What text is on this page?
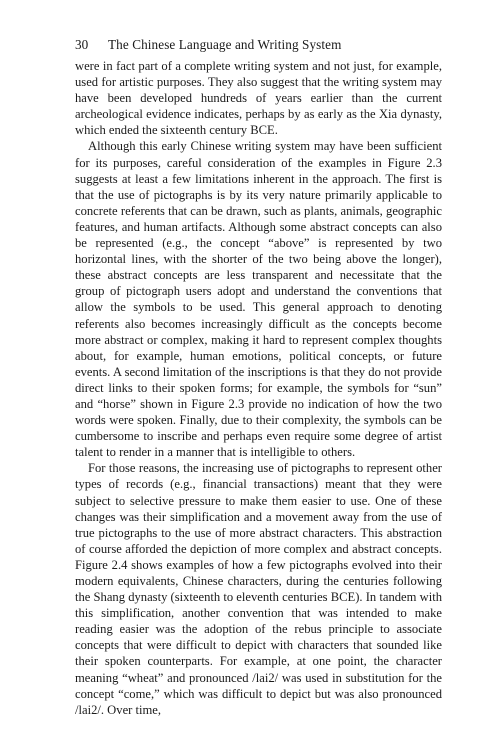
30	The Chinese Language and Writing System

were in fact part of a complete writing system and not just, for example, used for artistic purposes. They also suggest that the writing system may have been developed hundreds of years earlier than the current archeological evidence indicates, perhaps by as early as the Xia dynasty, which ended the sixteenth century BCE.

Although this early Chinese writing system may have been sufficient for its purposes, careful consideration of the examples in Figure 2.3 suggests at least a few limitations inherent in the approach. The first is that the use of pictographs is by its very nature primarily applicable to concrete referents that can be drawn, such as plants, animals, geographic features, and human artifacts. Although some abstract concepts can also be represented (e.g., the concept “above” is represented by two horizontal lines, with the shorter of the two being above the longer), these abstract concepts are less transparent and necessitate that the group of pictograph users adopt and understand the conventions that allow the symbols to be used. This general approach to denoting referents also becomes increasingly difficult as the concepts become more abstract or complex, making it hard to represent complex thoughts about, for example, human emotions, political concepts, or future events. A second limitation of the inscriptions is that they do not provide direct links to their spoken forms; for example, the symbols for “sun” and “horse” shown in Figure 2.3 provide no indication of how the two words were spoken. Finally, due to their complexity, the symbols can be cumbersome to inscribe and perhaps even require some degree of artist talent to render in a manner that is intelligible to others.

For those reasons, the increasing use of pictographs to represent other types of records (e.g., financial transactions) meant that they were subject to selective pressure to make them easier to use. One of these changes was their simplification and a movement away from the use of true pictographs to the use of more abstract characters. This abstraction of course afforded the depiction of more complex and abstract concepts. Figure 2.4 shows examples of how a few pictographs evolved into their modern equivalents, Chinese characters, during the centuries following the Shang dynasty (sixteenth to eleventh centuries BCE). In tandem with this simplification, another convention that was intended to make reading easier was the adoption of the rebus principle to associate concepts that were difficult to depict with characters that sounded like their spoken counterparts. For example, at one point, the character meaning “wheat” and pronounced /lai2/ was used in substitution for the concept “come,” which was difficult to depict but was also pronounced /lai2/. Over time,
